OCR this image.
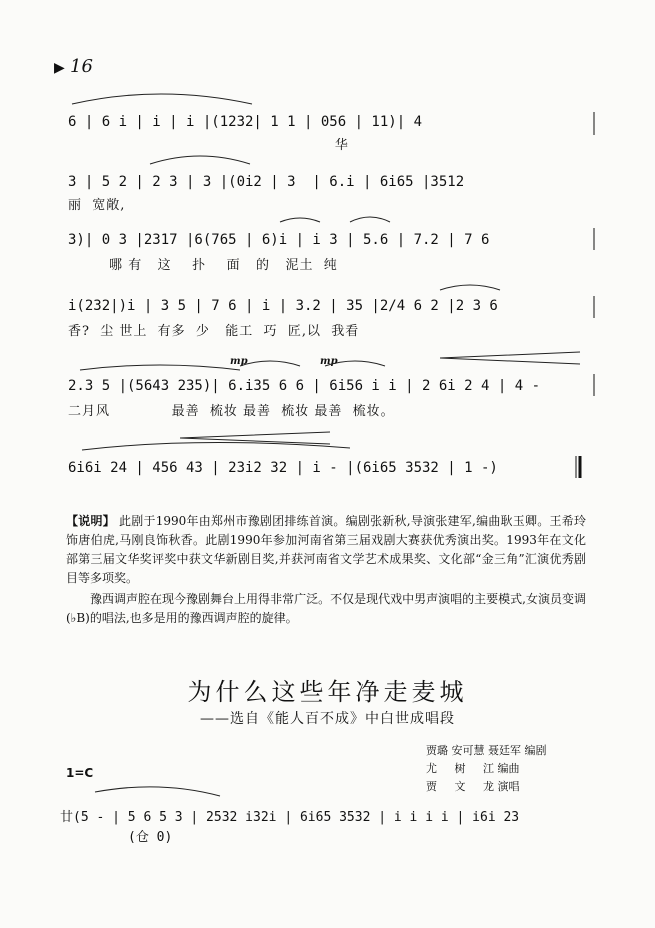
▶ 16
6 | 6 i | i | i |(1232| 1 1 | 056 | 11)| 4
华
3 | 5 2 | 2 3 | 3 |(0i2 | 3  | 6.i | 6i65 |3512
丽  宽敞,
3)| 0 3 |2317 |6(765 | 6)i | i 3 | 5.6 | 7.2 | 7 6
哪 有   这    扑    面   的   泥土  纯
i(232|)i | 3 5 | 7 6 | i | 3.2 | 35 |2/4 6 2 |2 3 6
香?  尘 世上  有多  少   能工  巧  匠,以  我看
mp	mp
2.3 5 |(5643 235)| 6.i35 6 6 | 6i56 i i | 2 6i 2 4 | 4 -
二月风            最善  梳妆 最善  梳妆 最善  梳妆。
6i6i 24 | 456 43 | 23i2 32 | i - |(6i65 3532 | 1 -)
【说明】 此剧于1990年由郑州市豫剧团排练首演。编剧张新秋,导演张建军,编曲耿玉卿。王希玲饰唐伯虎,马刚良饰秋香。此剧1990年参加河南省第三届戏剧大赛获优秀演出奖。1993年在文化部第三届文华奖评奖中获文华新剧目奖,并获河南省文学艺术成果奖、文化部“金三角”汇演优秀剧目等多项奖。
豫西调声腔在现今豫剧舞台上用得非常广泛。不仅是现代戏中男声演唱的主要模式,女演员变调(♭B)的唱法,也多是用的豫西调声腔的旋律。
为什么这些年净走麦城
——选自《能人百不成》中白世成唱段
贾璐 安可慧 聂廷军 编剧
尤     树     江 编曲
贾     文     龙 演唱
1=C
廿(5 - | 5 6 5 3 | 2532 i32i | 6i65 3532 | i i i i | i6i 23
(仓 0)
